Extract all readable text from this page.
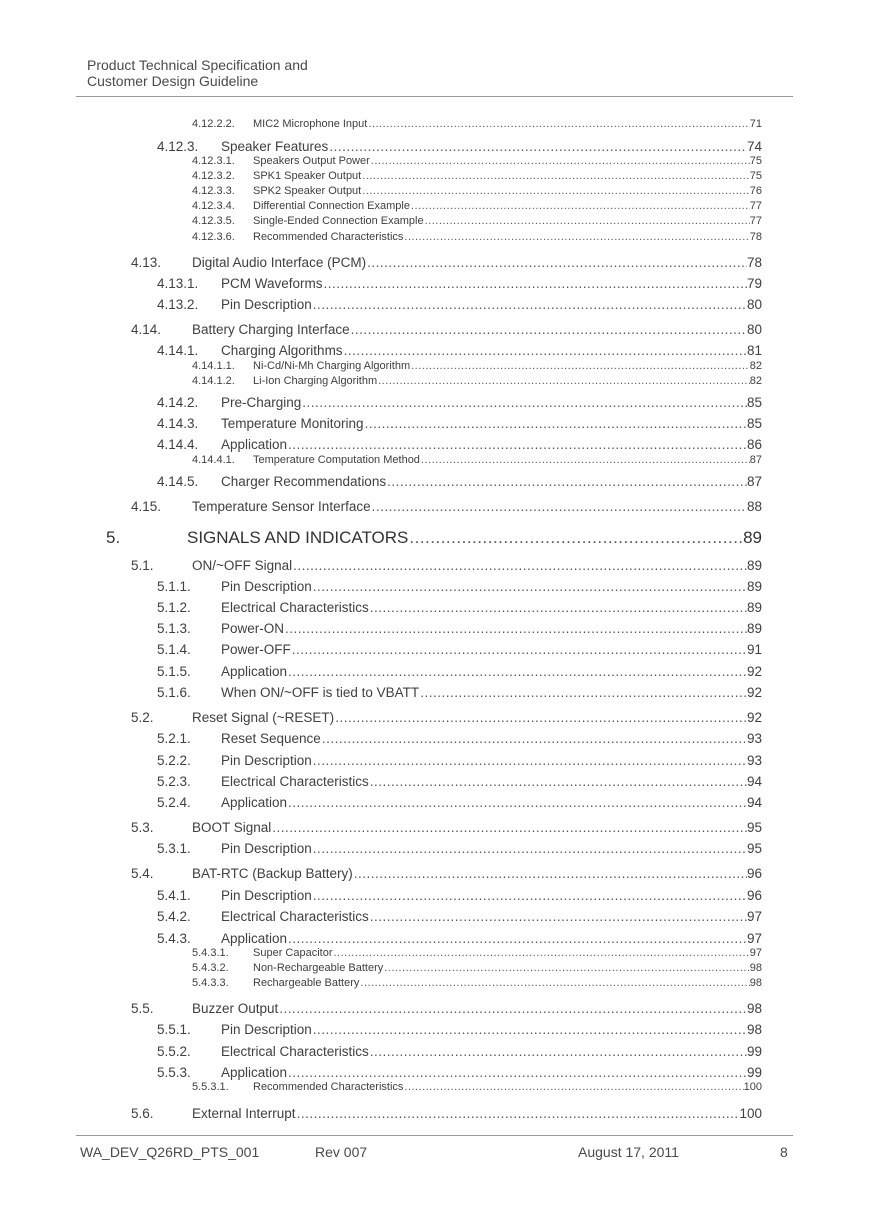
Product Technical Specification and
Customer Design Guideline
4.12.2.2.	MIC2 Microphone Input .....	71
4.12.3.	Speaker Features .....	74
4.12.3.1.	Speakers Output Power .....	75
4.12.3.2.	SPK1 Speaker Output .....	75
4.12.3.3.	SPK2 Speaker Output .....	76
4.12.3.4.	Differential Connection Example .....	77
4.12.3.5.	Single-Ended Connection Example .....	77
4.12.3.6.	Recommended Characteristics .....	78
4.13.	Digital Audio Interface (PCM) .....	78
4.13.1.	PCM Waveforms .....	79
4.13.2.	Pin Description .....	80
4.14.	Battery Charging Interface .....	80
4.14.1.	Charging Algorithms .....	81
4.14.1.1.	Ni-Cd/Ni-Mh Charging Algorithm .....	82
4.14.1.2.	Li-Ion Charging Algorithm .....	82
4.14.2.	Pre-Charging .....	85
4.14.3.	Temperature Monitoring .....	85
4.14.4.	Application .....	86
4.14.4.1.	Temperature Computation Method .....	87
4.14.5.	Charger Recommendations .....	87
4.15.	Temperature Sensor Interface .....	88
5.	SIGNALS AND INDICATORS .....	89
5.1.	ON/~OFF Signal .....	89
5.1.1.	Pin Description .....	89
5.1.2.	Electrical Characteristics .....	89
5.1.3.	Power-ON .....	89
5.1.4.	Power-OFF .....	91
5.1.5.	Application .....	92
5.1.6.	When ON/~OFF is tied to VBATT .....	92
5.2.	Reset Signal (~RESET) .....	92
5.2.1.	Reset Sequence .....	93
5.2.2.	Pin Description .....	93
5.2.3.	Electrical Characteristics .....	94
5.2.4.	Application .....	94
5.3.	BOOT Signal .....	95
5.3.1.	Pin Description .....	95
5.4.	BAT-RTC (Backup Battery) .....	96
5.4.1.	Pin Description .....	96
5.4.2.	Electrical Characteristics .....	97
5.4.3.	Application .....	97
5.4.3.1.	Super Capacitor .....	97
5.4.3.2.	Non-Rechargeable Battery .....	98
5.4.3.3.	Rechargeable Battery .....	98
5.5.	Buzzer Output .....	98
5.5.1.	Pin Description .....	98
5.5.2.	Electrical Characteristics .....	99
5.5.3.	Application .....	99
5.5.3.1.	Recommended Characteristics .....	100
5.6.	External Interrupt .....	100
WA_DEV_Q26RD_PTS_001	Rev 007	August 17, 2011	8
